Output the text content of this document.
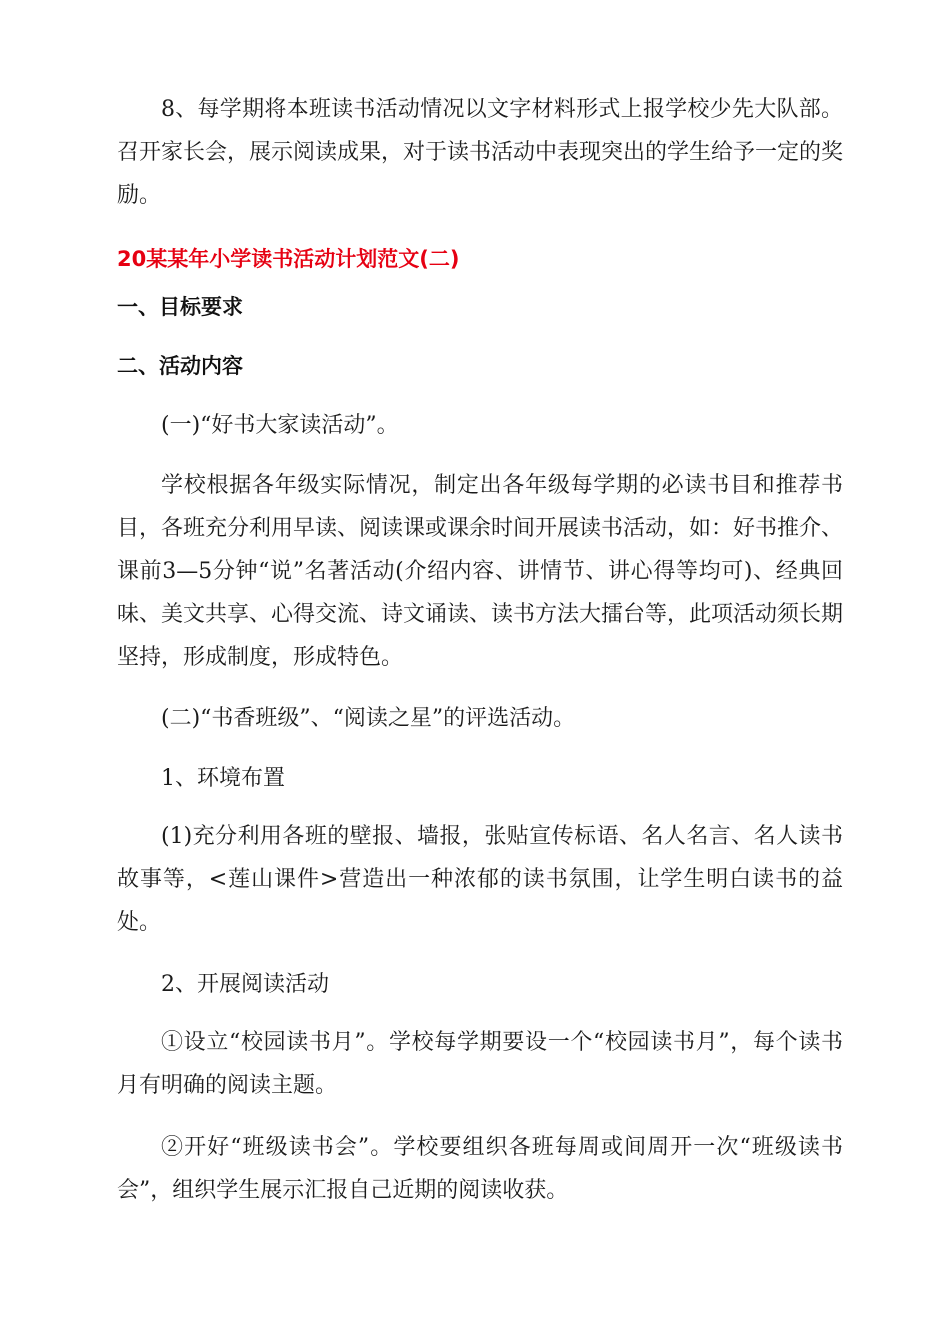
8、每学期将本班读书活动情况以文字材料形式上报学校少先大队部。召开家长会，展示阅读成果，对于读书活动中表现突出的学生给予一定的奖励。

20某某年小学读书活动计划范文(二)
一、目标要求
二、活动内容

(一)“好书大家读活动”。

学校根据各年级实际情况，制定出各年级每学期的必读书目和推荐书目，各班充分利用早读、阅读课或课余时间开展读书活动，如：好书推介、课前3—5分钟“说”名著活动(介绍内容、讲情节、讲心得等均可)、经典回味、美文共享、心得交流、诗文诵读、读书方法大擂台等，此项活动须长期坚持，形成制度，形成特色。

(二)“书香班级”、“阅读之星”的评选活动。

1、环境布置

(1)充分利用各班的壁报、墙报，张贴宣传标语、名人名言、名人读书故事等，<莲山课件>营造出一种浓郁的读书氛围，让学生明白读书的益处。

2、开展阅读活动

①设立“校园读书月”。学校每学期要设一个“校园读书月”，每个读书月有明确的阅读主题。

②开好“班级读书会”。学校要组织各班每周或间周开一次“班级读书会”，组织学生展示汇报自己近期的阅读收获。
